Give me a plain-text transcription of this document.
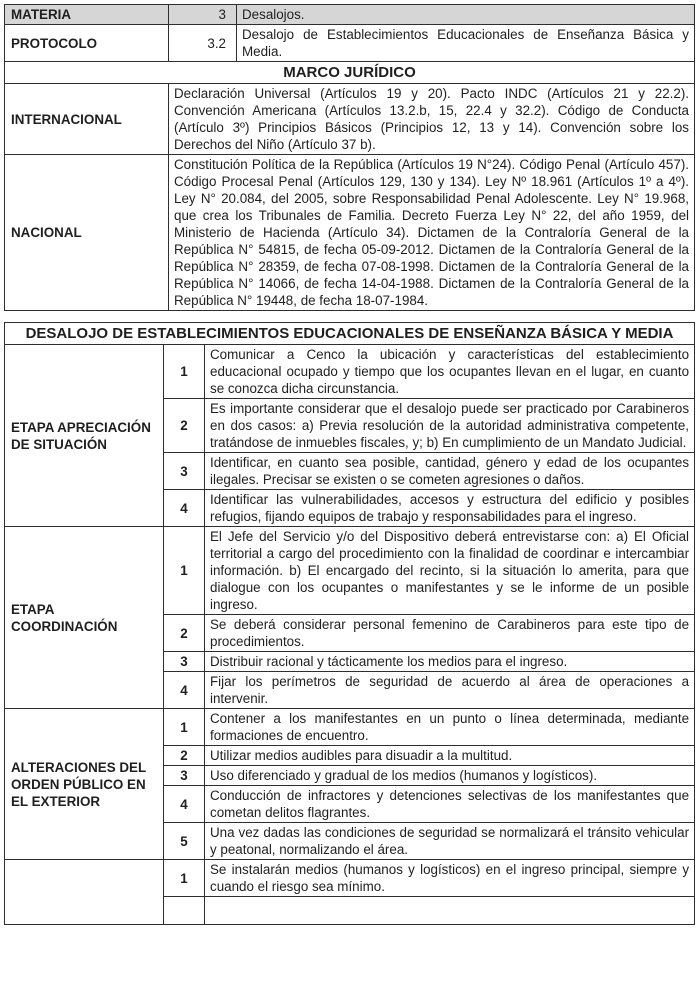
MATERIA	3	Desalojos.
PROTOCOLO	3.2	Desalojo de Establecimientos Educacionales de Enseñanza Básica y Media.
MARCO JURÍDICO		
INTERNACIONAL	Declaración Universal (Artículos 19 y 20). Pacto INDC (Artículos 21 y 22.2). Convención Americana (Artículos 13.2.b, 15, 22.4 y 32.2). Código de Conducta (Artículo 3º) Principios Básicos (Principios 12, 13 y 14). Convención sobre los Derechos del Niño (Artículo 37 b).	
NACIONAL	Constitución Política de la República (Artículos 19 N°24). Código Penal (Artículo 457). Código Procesal Penal (Artículos 129, 130 y 134). Ley Nº 18.961 (Artículos 1º a 4º). Ley N° 20.084, del 2005, sobre Responsabilidad Penal Adolescente. Ley N° 19.968, que crea los Tribunales de Familia. Decreto Fuerza Ley N° 22, del año 1959, del Ministerio de Hacienda (Artículo 34). Dictamen de la Contraloría General de la República N° 54815, de fecha 05-09-2012. Dictamen de la Contraloría General de la República N° 28359, de fecha 07-08-1998. Dictamen de la Contraloría General de la República N° 14066, de fecha 14-04-1988. Dictamen de la Contraloría General de la República N° 19448, de fecha 18-07-1984.	
DESALOJO DE ESTABLECIMIENTOS EDUCACIONALES DE ENSEÑANZA BÁSICA Y MEDIA		
ETAPA APRECIACIÓN DE SITUACIÓN	1	Comunicar a Cenco la ubicación y características del establecimiento educacional ocupado y tiempo que los ocupantes llevan en el lugar, en cuanto se conozca dicha circunstancia.
	2	Es importante considerar que el desalojo puede ser practicado por Carabineros en dos casos: a) Previa resolución de la autoridad administrativa competente, tratándose de inmuebles fiscales, y; b) En cumplimiento de un Mandato Judicial.
	3	Identificar, en cuanto sea posible, cantidad, género y edad de los ocupantes ilegales. Precisar se existen o se cometen agresiones o daños.
	4	Identificar las vulnerabilidades, accesos y estructura del edificio y posibles refugios, fijando equipos de trabajo y responsabilidades para el ingreso.
ETAPA COORDINACIÓN	1	El Jefe del Servicio y/o del Dispositivo deberá entrevistarse con: a) El Oficial territorial a cargo del procedimiento con la finalidad de coordinar e intercambiar información. b) El encargado del recinto, si la situación lo amerita, para que dialogue con los ocupantes o manifestantes y se le informe de un posible ingreso.
	2	Se deberá considerar personal femenino de Carabineros para este tipo de procedimientos.
	3	Distribuir racional y tácticamente los medios para el ingreso.
	4	Fijar los perímetros de seguridad de acuerdo al área de operaciones a intervenir.
ALTERACIONES DEL ORDEN PÚBLICO EN EL EXTERIOR	1	Contener a los manifestantes en un punto o línea determinada, mediante formaciones de encuentro.
	2	Utilizar medios audibles para disuadir a la multitud.
	3	Uso diferenciado y gradual de los medios (humanos y logísticos).
	4	Conducción de infractores y detenciones selectivas de los manifestantes que cometan delitos flagrantes.
	5	Una vez dadas las condiciones de seguridad se normalizará el tránsito vehicular y peatonal, normalizando el área.
	1	Se instalarán medios (humanos y logísticos) en el ingreso principal, siempre y cuando el riesgo sea mínimo.
